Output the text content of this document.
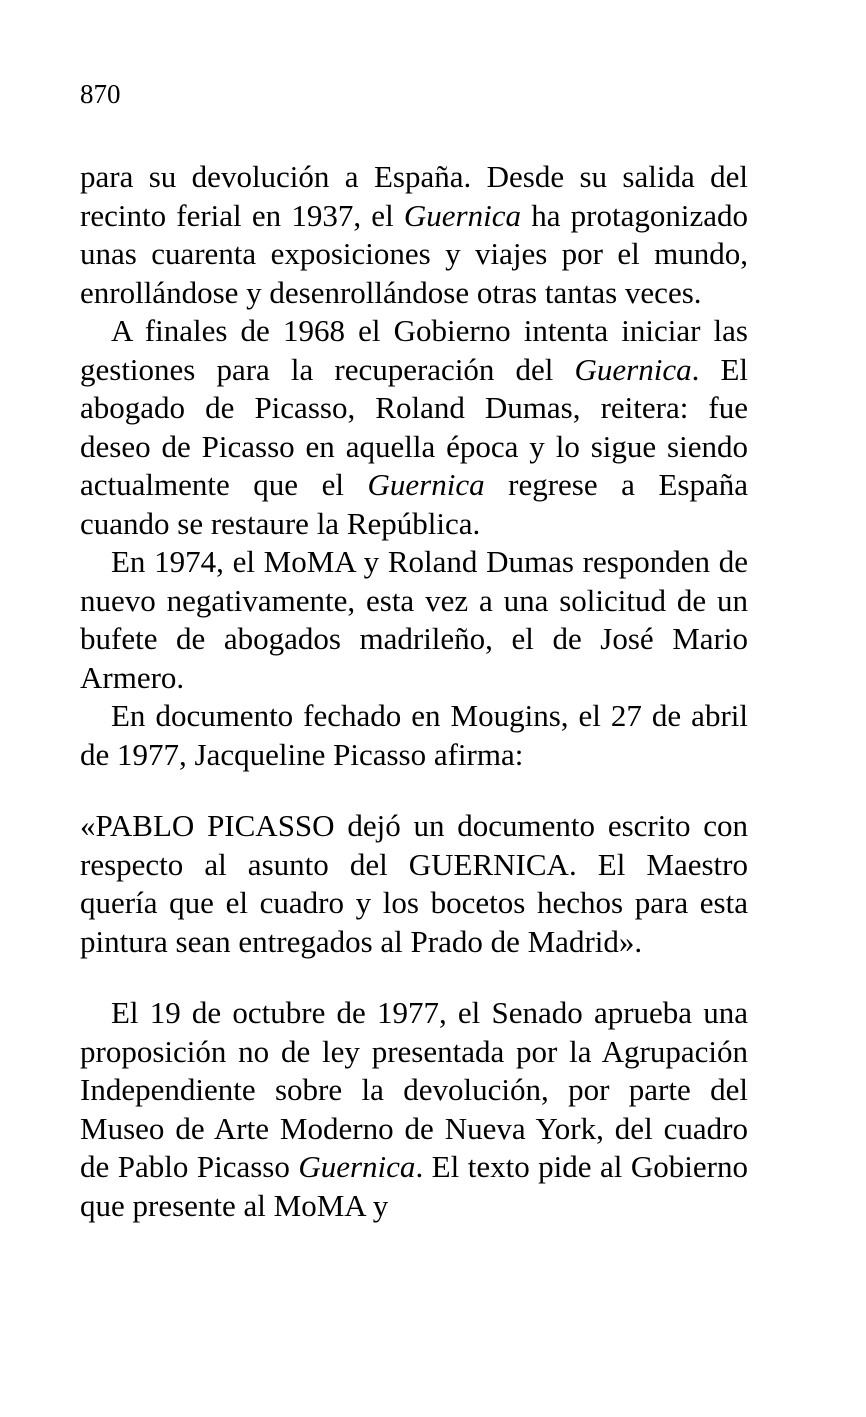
870

para su devolución a España. Desde su salida del recinto ferial en 1937, el Guernica ha protagonizado unas cuarenta exposiciones y viajes por el mundo, enrollándose y desenrollándose otras tantas veces.

A finales de 1968 el Gobierno intenta iniciar las gestiones para la recuperación del Guernica. El abogado de Picasso, Roland Dumas, reitera: fue deseo de Picasso en aquella época y lo sigue siendo actualmente que el Guernica regrese a España cuando se restaure la República.

En 1974, el MoMA y Roland Dumas responden de nuevo negativamente, esta vez a una solicitud de un bufete de abogados madrileño, el de José Mario Armero.

En documento fechado en Mougins, el 27 de abril de 1977, Jacqueline Picasso afirma:

«PABLO PICASSO dejó un documento escrito con respecto al asunto del GUERNICA. El Maestro quería que el cuadro y los bocetos hechos para esta pintura sean entregados al Prado de Madrid».

El 19 de octubre de 1977, el Senado aprueba una proposición no de ley presentada por la Agrupación Independiente sobre la devolución, por parte del Museo de Arte Moderno de Nueva York, del cuadro de Pablo Picasso Guernica. El texto pide al Gobierno que presente al MoMA y
